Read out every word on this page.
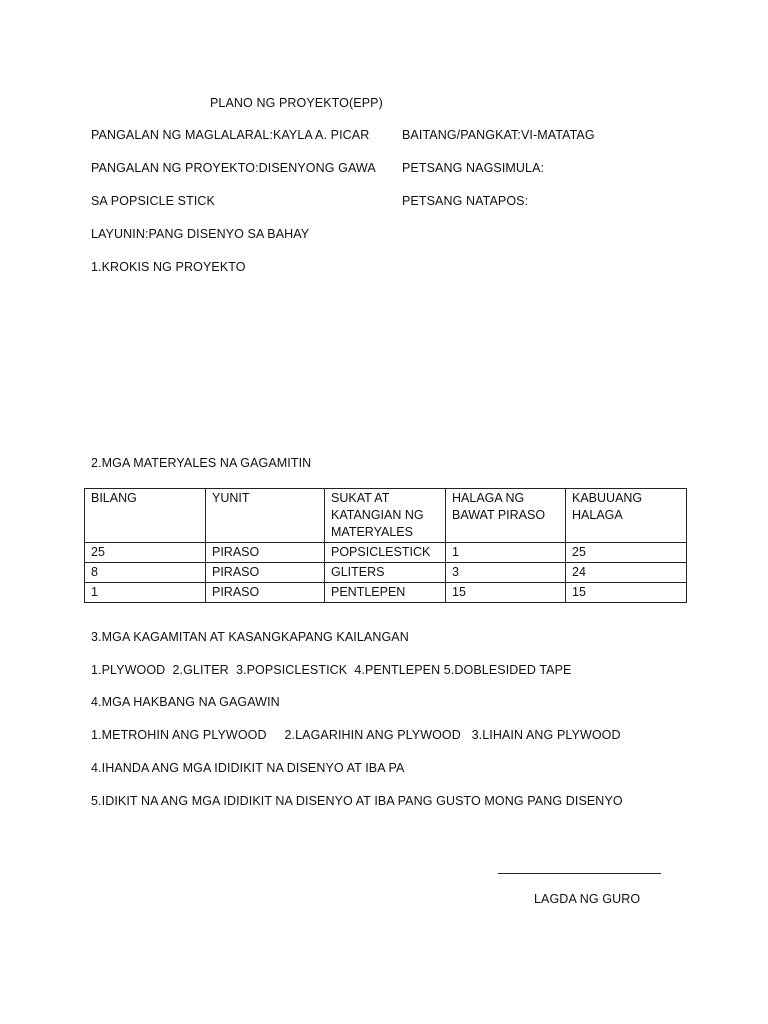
PLANO NG PROYEKTO(EPP)
PANGALAN NG MAGLALARAL:KAYLA A. PICAR	BAITANG/PANGKAT:VI-MATATAG
PANGALAN NG PROYEKTO:DISENYONG GAWA PETSANG NAGSIMULA:
SA POPSICLE STICK	PETSANG NATAPOS:
LAYUNIN:PANG DISENYO SA BAHAY
1.KROKIS NG PROYEKTO
2.MGA MATERYALES NA GAGAMITIN
BILANG	YUNIT	SUKAT AT KATANGIAN NG MATERYALES	HALAGA NG BAWAT PIRASO	KABUUANG HALAGA
25	PIRASO	POPSICLESTICK	1	25
8	PIRASO	GLITERS	3	24
1	PIRASO	PENTLEPEN	15	15
3.MGA KAGAMITAN AT KASANGKAPANG KAILANGAN
1.PLYWOOD  2.GLITER  3.POPSICLESTICK  4.PENTLEPEN 5.DOBLESIDED TAPE
4.MGA HAKBANG NA GAGAWIN
1.METROHIN ANG PLYWOOD     2.LAGARIHIN ANG PLYWOOD   3.LIHAIN ANG PLYWOOD
4.IHANDA ANG MGA IDIDIKIT NA DISENYO AT IBA PA
5.IDIKIT NA ANG MGA IDIDIKIT NA DISENYO AT IBA PANG GUSTO MONG PANG DISENYO
LAGDA NG GURO
